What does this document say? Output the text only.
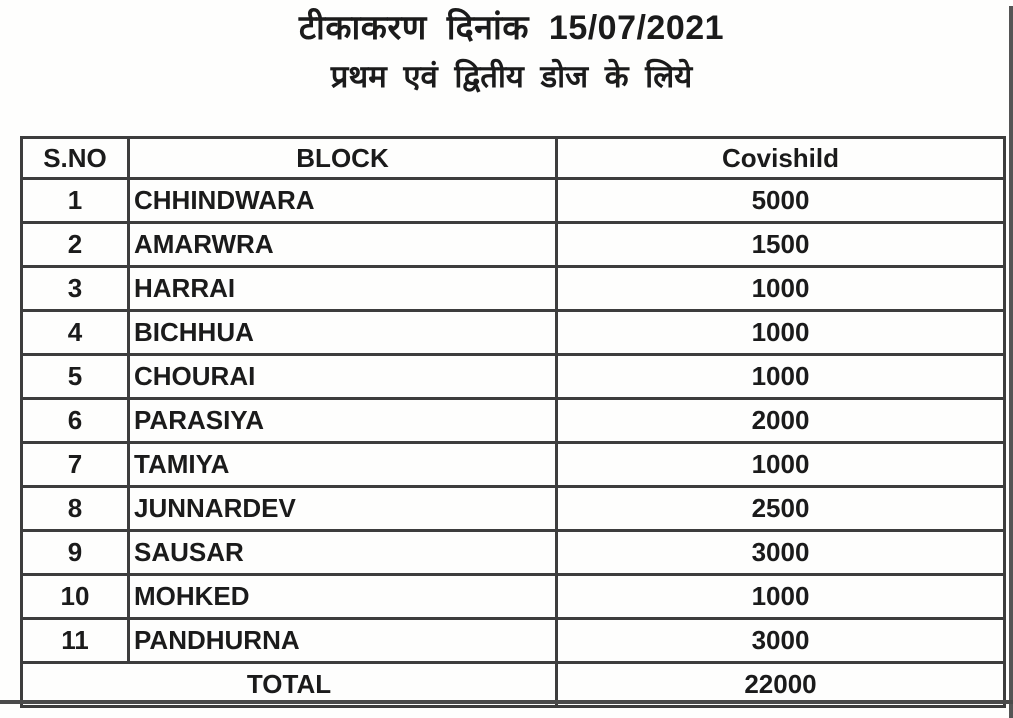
टीकाकरण दिनांक 15/07/2021
प्रथम एवं द्वितीय डोज के लिये
S.NO	BLOCK	Covishild
1	CHHINDWARA	5000
2	AMARWRA	1500
3	HARRAI	1000
4	BICHHUA	1000
5	CHOURAI	1000
6	PARASIYA	2000
7	TAMIYA	1000
8	JUNNARDEV	2500
9	SAUSAR	3000
10	MOHKED	1000
11	PANDHURNA	3000
TOTAL		22000
